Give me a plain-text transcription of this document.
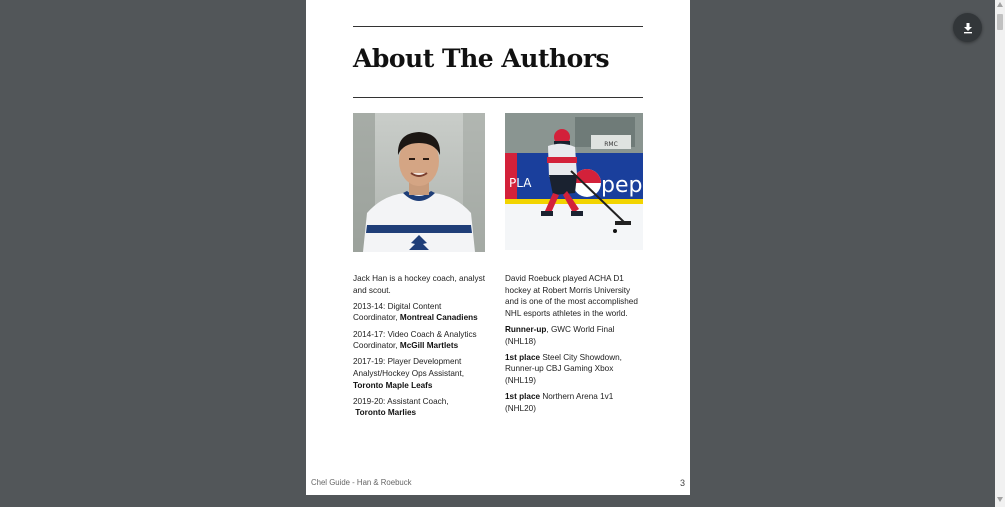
About The Authors
RMC
PLA	pep

Jack Han is a hockey coach, analyst and scout.

2013-14: Digital Content Coordinator, Montreal Canadiens

2014-17: Video Coach & Analytics Coordinator, McGill Martlets

2017-19: Player Development Analyst/Hockey Ops Assistant, Toronto Maple Leafs

2019-20: Assistant Coach,
Toronto Marlies

David Roebuck played ACHA D1 hockey at Robert Morris University and is one of the most accomplished NHL esports athletes in the world.

Runner-up, GWC World Final (NHL18)

1st place Steel City Showdown, Runner-up CBJ Gaming Xbox (NHL19)

1st place Northern Arena 1v1 (NHL20)

Chel Guide - Han & Roebuck	3
